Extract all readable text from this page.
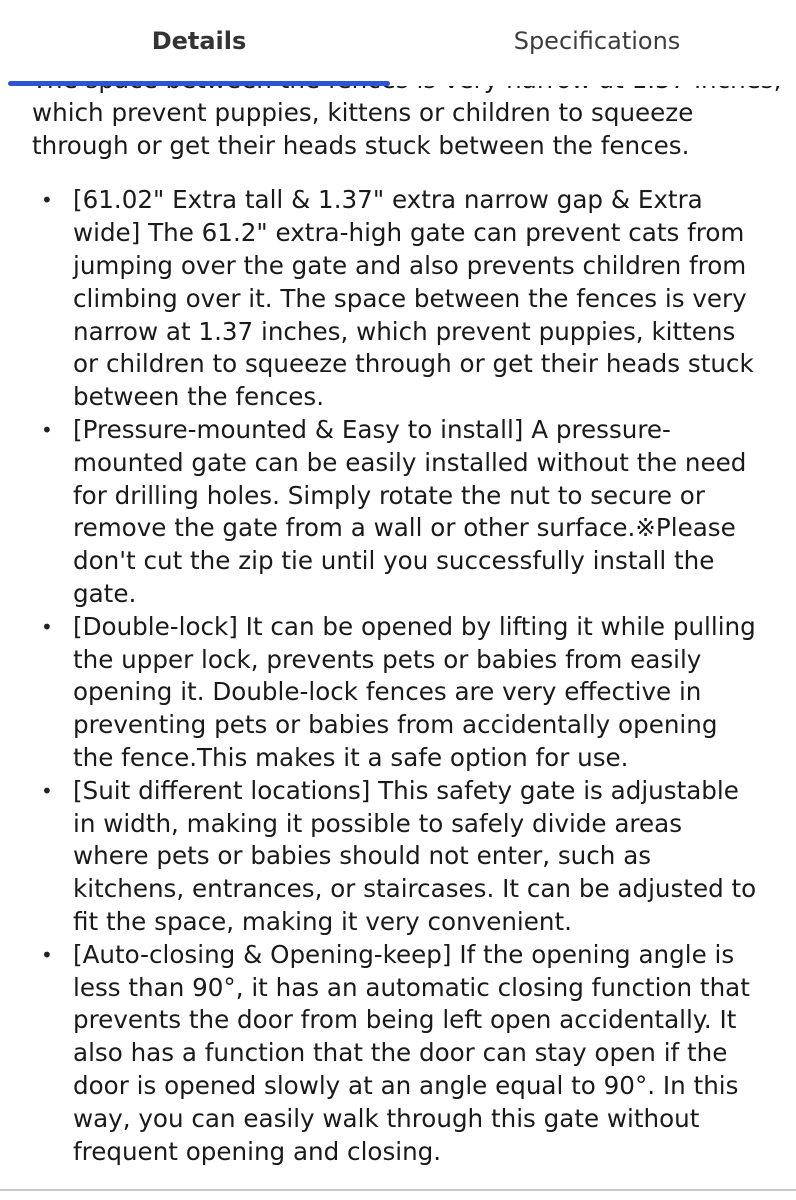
Details	Specifications

which prevent puppies, kittens or children to squeeze through or get their heads stuck between the fences.

• [61.02" Extra tall & 1.37" extra narrow gap & Extra wide] The 61.2" extra-high gate can prevent cats from jumping over the gate and also prevents children from climbing over it. The space between the fences is very narrow at 1.37 inches, which prevent puppies, kittens or children to squeeze through or get their heads stuck between the fences.
• [Pressure-mounted & Easy to install] A pressure-mounted gate can be easily installed without the need for drilling holes. Simply rotate the nut to secure or remove the gate from a wall or other surface.※Please don't cut the zip tie until you successfully install the gate.
• [Double-lock] It can be opened by lifting it while pulling the upper lock, prevents pets or babies from easily opening it. Double-lock fences are very effective in preventing pets or babies from accidentally opening the fence.This makes it a safe option for use.
• [Suit different locations] This safety gate is adjustable in width, making it possible to safely divide areas where pets or babies should not enter, such as kitchens, entrances, or staircases. It can be adjusted to fit the space, making it very convenient.
• [Auto-closing & Opening-keep] If the opening angle is less than 90°, it has an automatic closing function that prevents the door from being left open accidentally. It also has a function that the door can stay open if the door is opened slowly at an angle equal to 90°. In this way, you can easily walk through this gate without frequent opening and closing.
